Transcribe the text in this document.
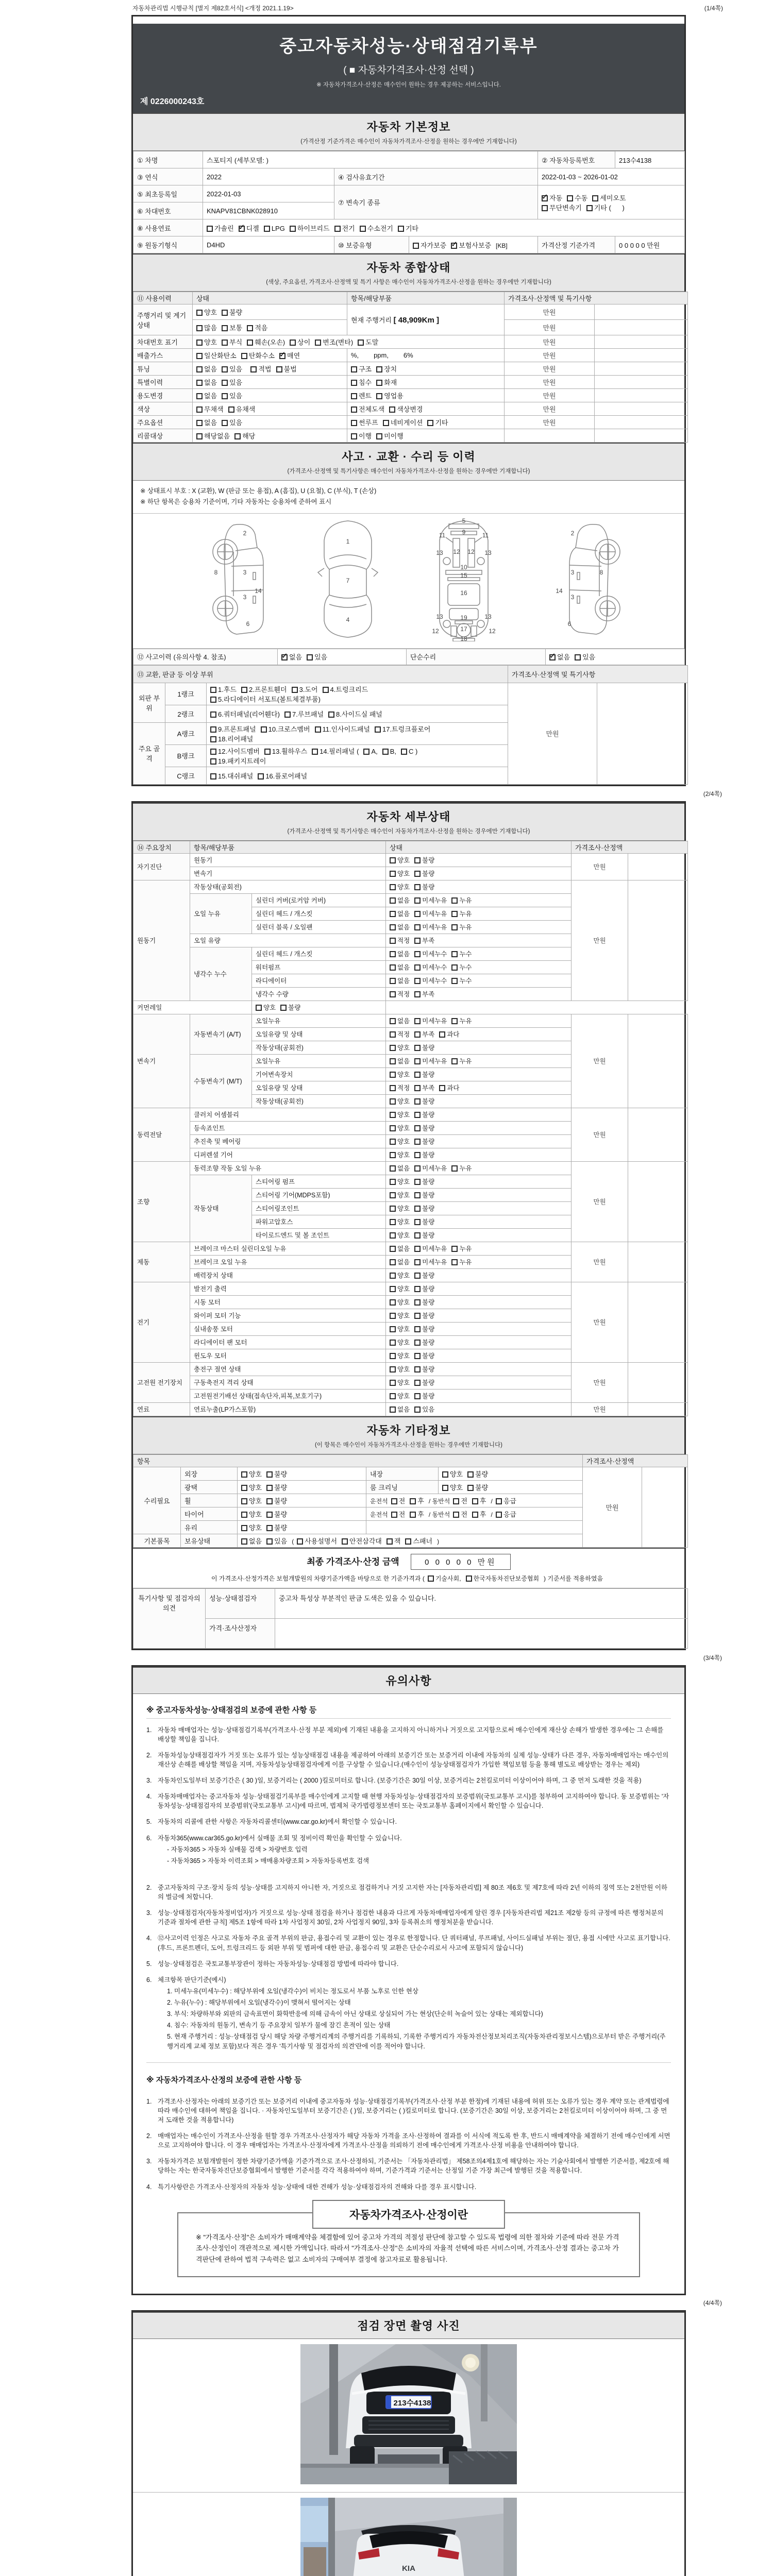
자동차관리법 시행규칙 [별지 제82호서식] <개정 2021.1.19>	(1/4쪽)
중고자동차성능·상태점검기록부
( ■ 자동차가격조사·산정 선택 )
※ 자동차가격조사·산정은 매수인이 원하는 경우 제공하는 서비스입니다.
제 0226000243호
자동차 기본정보
(가격산정 기준가격은 매수인이 자동차가격조사·산정을 원하는 경우에만 기재합니다)
① 차명	스포티지 (세부모델: )			② 자동차등록번호	213수4138
③ 연식	2022	④ 검사유효기간		2022-01-03 ~ 2026-01-02	
⑤ 최초등록일	2022-01-03	⑦ 변속기 종류	✓자동 수동 세미오토
무단변속기 기타 (      )
⑥ 차대번호	KNAPV81CBNK028910				
⑧ 사용연료	가솔린 ✓ 디젤 LPG 하이브리드 전기 수소전기 기타
⑨ 원동기형식	D4HD	⑩ 보증유형	자가보증 ✓ 보험사보증 [KB]	가격산정 기준가격	0 0 0 0 0 만원
자동차 종합상태
(색상, 주요옵션, 가격조사·산정액 및 특기 사항은 매수인이 자동차가격조사·산정을 원하는 경우에만 기재합니다)
⑪ 사용이력	상태	항목/해당부품	가격조사·산정액 및 특기사항	
주행거리 및 계기상태	양호 불량	현재 주행거리 [ 48,909Km ]	만원	
	많음 보통 적음		만원	
차대번호 표기	양호 부식 훼손(오손) 상이 변조(변타) 도말		만원	
배출가스	일산화탄소 탄화수소 ✓ 매연	%,        ppm,        6%	만원	
튜닝	없음 있음 적법 불법	구조 장치	만원	
특별이력	없음 있음	침수 화재	만원	
용도변경	없음 있음	렌트 영업용	만원	
색상	무채색 유채색	전체도색 색상변경	만원	
주요옵션	없음 있음	썬루프 네비게이션 기타	만원	
리콜대상	해당없음 해당	이행 미이행		
사고 · 교환 · 수리 등 이력
(가격조사·산정액 및 특기사항은 매수인이 자동차가격조사·산정을 원하는 경우에만 기재합니다)
※ 상태표시 부호 : X (교환), W (판금 또는 용접), A (흠집), U (요철), C (부식), T (손상)
※ 하단 항목은 승용차 기준이며, 기타 자동차는 승용차에 준하여 표시
2
8	3
14
3
6
1
7
4
5
11	11
9
13	13
12 12
10
15
16
13	13
19
12	12
17
18
2
8
3
14
3
6
⑫ 사고이력 (유의사항 4. 참조)	✓없음 있음	단순수리	✓없음 있음
⑬ 교환, 판금 등 이상 부위			가격조사·산정액 및 특기사항	
외판 부위	1랭크	1.후드 2.프론트휀더 3.도어 4.트렁크리드
5.라디에이터 서포트(볼트체결부품)	만원	
	2랭크	6.쿼터패널(리어휀다) 7.루브패널 8.사이드실 패널		
주요 골격	A랭크	9.프론트패널 10.크로스멤버 11.인사이드패널 17.트렁크플로어
18.리어패널		
	B랭크	12.사이드멤버 13.휠하우스 14.필러패널 ( A, B, C )
19.패키지트레이		
	C랭크	15.대쉬패널 16.플로어패널		
(2/4쪽)
자동차 세부상태
(가격조사·산정액 및 특기사항은 매수인이 자동차가격조사·산정을 원하는 경우에만 기재합니다)
⑭ 주요장치	항목/해당부품		상태	가격조사·산정액	
자기진단	원동기		양호 불량	만원	
	변속기		양호 불량		
원동기	작동상태(공회전)		양호 불량	만원	
	오일 누유	실린더 커버(로커암 커버)	없음 미세누유 누유		
		실린더 헤드 / 개스킷	없음 미세누유 누유		
		실린더 블록 / 오일팬	없음 미세누유 누유		
	오일 유량		적정 부족		
	냉각수 누수	실린더 헤드 / 개스킷	없음 미세누수 누수		
		워터펌프	없음 미세누수 누수		
		라디에이터	없음 미세누수 누수		
		냉각수 수량	적정 부족		
커먼레일		양호 불량			
변속기	자동변속기 (A/T)	오일누유	없음 미세누유 누유	만원	
		오일유량 및 상태	적정 부족 과다		
		작동상태(공회전)	양호 불량		
	수동변속기 (M/T)	오일누유	없음 미세누유 누유		
		기어변속장치	양호 불량		
		오일유량 및 상태	적정 부족 과다		
		작동상태(공회전)	양호 불량		
동력전달	클러치 어셈블리		양호 불량	만원	
	등속죠인트		양호 불량		
	추진축 및 베어링		양호 불량		
	디퍼렌셜 기어		양호 불량		
조향	동력조향 작동 오일 누유		없음 미세누유 누유	만원	
	작동상태	스티어링 펌프	양호 불량		
		스티어링 기어(MDPS포함)	양호 불량		
		스티어링조인트	양호 불량		
		파워고압호스	양호 불량		
		타이로드엔드 및 볼 조인트	양호 불량		
제동	브레이크 마스터 실린더오일 누유		없음 미세누유 누유	만원	
	브레이크 오일 누유		없음 미세누유 누유		
	배력장치 상태		양호 불량		
전기	발전기 출력		양호 불량	만원	
	시동 모터		양호 불량		
	와이퍼 모터 기능		양호 불량		
	실내송풍 모터		양호 불량		
	라디에이터 팬 모터		양호 불량		
	윈도우 모터		양호 불량		
고전원 전기장치	충전구 절연 상태		양호 불량	만원	
	구동축전지 격리 상태		양호 불량		
	고전원전기배선 상태(접속단자,피복,보호기구)		양호 불량		
연료	연료누출(LP가스포함)		없음 있음	만원	
자동차 기타정보
(이 항목은 매수인이 자동차가격조사·산정을 원하는 경우에만 기재합니다)
항목					가격조사·산정액	
수리필요	외장	양호 불량	내장	양호 불량	만원	
	광택	양호 불량	룸 크리닝	양호 불량		
	휠	양호 불량	운전석 전 후 / 동반석 전 후 / 응급			
	타이어	양호 불량	운전석 전 후 / 동반석 전 후 / 응급			
	유리	양호 불량				
기본품목	보유상태	없음 있음 ( 사용설명서 안전삼각대 잭 스패너 )				
최종 가격조사·산정 금액	0 0 0 0 0 만원
이 가격조사·산정가격은 보험개발원의 차량기준가액을 바탕으로 한 기준가격과 ( 기술사회, 한국자동차진단보증협회 ) 기준서를 적용하였음
특기사항 및 점검자의 의견	성능·상태점검자	중고차 특성상 부분적인 판금 도색은 있을 수 있습니다.
	가격·조사산정자	
(3/4쪽)
유의사항
※ 중고자동차성능·상태점검의 보증에 관한 사항 등
1. 자동차 매매업자는 성능·상태점검기록부(가격조사·산정 부분 제외)에 기재된 내용을 고지하지 아니하거나 거짓으로 고지함으로써 매수인에게 재산상 손해가 발생한 경우에는 그 손해를 배상할 책임을 집니다.
2. 자동차성능상태점검자가 거짓 또는 오류가 있는 성능상태점검 내용을 제공하여 아래의 보증기간 또는 보증거리 이내에 자동차의 실제 성능·상태가 다른 경우, 자동차매매업자는 매수인의 재산상 손해를 배상할 책임을 지며, 자동차성능상태점검자에게 이를 구상할 수 있습니다.(매수인이 성능상태점검자가 가입한 책임보험 등을 통해 별도로 배상받는 경우는 제외)
3. 자동차인도일부터 보증기간은 ( 30 )일, 보증거리는 ( 2000 )킬로미터로 합니다. (보증기간은 30일 이상, 보증거리는 2천킬로미터 이상이어야 하며, 그 중 먼저 도래한 것을 적용)
4. 자동차매매업자는 중고자동차 성능·상태점검기록부를 매수인에게 고지할 때 현행 자동차성능·상태점검자의 보증범위(국토교통부 고시)를 첨부하여 고지하여야 합니다. 동 보증범위는 '자동차성능·상태점검자의 보증범위'(국토교통부 고시)에 따르며, 법제처 국가법령정보센터 또는 국토교통부 홈페이지에서 확인할 수 있습니다.
5. 자동차의 리콜에 관한 사항은 자동차리콜센터(www.car.go.kr)에서 확인할 수 있습니다.
6. 자동차365(www.car365.go.kr)에서 실매물 조회 및 정비이력 확인을 확인할 수 있습니다.
- 자동차365 > 자동차 실매물 검색 > 차량번호 입력
- 자동차365 > 자동차 이력조회 > 매매용차량조회 > 자동차등록번호 검색
2. 중고자동차의 구조·장치 등의 성능·상태를 고지하지 아니한 자, 거짓으로 점검하거나 거짓 고지한 자는 [자동차관리법] 제 80조 제6호 및 제7호에 따라 2년 이하의 징역 또는 2천만원 이하의 벌금에 처합니다.
3. 성능·상태점검자(자동차정비업자)가 거짓으로 성능·상태 점검을 하거나 점검한 내용과 다르게 자동차매매업자에게 알린 경우 [자동차관리법 제21조 제2항 등의 규정에 따른 행정처분의 기준과 절차에 관한 규칙] 제5조 1항에 따라 1차 사업정지 30일, 2차 사업정지 90일, 3차 등록취소의 행정처분을 받습니다.
4. ⑫사고이력 인정은 사고로 자동차 주요 골격 부위의 판금, 용접수리 및 교환이 있는 경우로 한정합니다. 단 쿼터패널, 루프패널, 사이드실패널 부위는 절단, 용접 시에만 사고로 표기합니다. (후드, 프론트펜더, 도어, 트렁크리드 등 외판 부위 및 범퍼에 대한 판금, 용접수리 및 교환은 단순수리로서 사고에 포함되지 않습니다)
5. 성능·상태점검은 국토교통부장관이 정하는 자동차성능·상태점검 방법에 따라야 합니다.
6. 체크항목 판단기준(예시)
1. 미세누유(미세누수) : 해당부위에 오일(냉각수)이 비치는 정도로서 부품 노후로 인한 현상
2. 누유(누수) : 해당부위에서 오일(냉각수)이 맺혀서 떨어지는 상태
3. 부식: 차량하부와 외판의 금속표면이 화학반응에 의해 금속이 아닌 상태로 상실되어 가는 현상(단순히 녹슬어 있는 상태는 제외합니다)
4. 침수: 자동차의 원동기, 변속기 등 주요장치 일부가 물에 잠긴 흔적이 있는 상태
5. 현재 주행거리 : 성능·상태점검 당시 해당 차량 주행거리계의 주행거리를 기록하되, 기록한 주행거리가 자동차전산정보처리조직(자동차관리정보시스템)으로부터 받은 주행거리(주행거리계 교체 정보 포함)보다 적은 경우 '특기사항 및 점검자의 의견'란에 이를 적어야 합니다.
※ 자동차가격조사·산정의 보증에 관한 사항 등
1. 가격조사·산정자는 아래의 보증기간 또는 보증거리 이내에 중고자동차 성능·상태점검기록부(가격조사·산정 부분 한정)에 기재된 내용에 허위 또는 오류가 있는 경우 계약 또는 관계법령에 따라 매수인에 대하여 책임을 집니다. · 자동차인도일부터 보증기간은 ( )일, 보증거리는 ( )킬로미터로 합니다. (보증기간은 30일 이상, 보증거리는 2천킬로미터 이상이어야 하며, 그 중 먼저 도래한 것을 적용합니다)
2. 매매업자는 매수인이 가격조사·산정을 원할 경우 가격조사·산정자가 해당 자동차 가격을 조사·산정하여 결과를 이 서식에 적도록 한 후, 반드시 매매계약을 체결하기 전에 매수인에게 서면으로 고지하여야 합니다. 이 경우 매매업자는 가격조사·산정자에게 가격조사·산정을 의뢰하기 전에 매수인에게 가격조사·산정 비용을 안내하여야 합니다.
3. 자동차가격은 보험개발원이 정한 차량기준가액을 기준가격으로 조사·산정하되, 기준서는 「자동차관리법」 제58조의4제1호에 해당하는 자는 기술사회에서 발행한 기준서를, 제2호에 해당하는 자는 한국자동차진단보증협회에서 발행한 기준서를 각각 적용하여야 하며, 기준가격과 기준서는 산정일 기준 가장 최근에 발행된 것을 적용합니다.
4. 특기사항란은 가격조사·산정자의 자동차 성능·상태에 대한 견해가 성능·상태점검자의 견해와 다를 경우 표시합니다.
자동차가격조사·산정이란
※ "가격조사·산정"은 소비자가 매매계약을 체결함에 있어 중고차 가격의 적절성 판단에 참고할 수 있도록 법령에 의한 절차와 기준에 따라 전문 가격조사·산정인이 객관적으로 제시한 가액입니다. 따라서 "가격조사·산정"은 소비자의 자율적 선택에 따른 서비스이며, 가격조사·산정 결과는 중고차 가격판단에 관하여 법적 구속력은 없고 소비자의 구매여부 결정에 참고자료로 활용됩니다.
(4/4쪽)
점검 장면 촬영 사진
213수4138
KIA
